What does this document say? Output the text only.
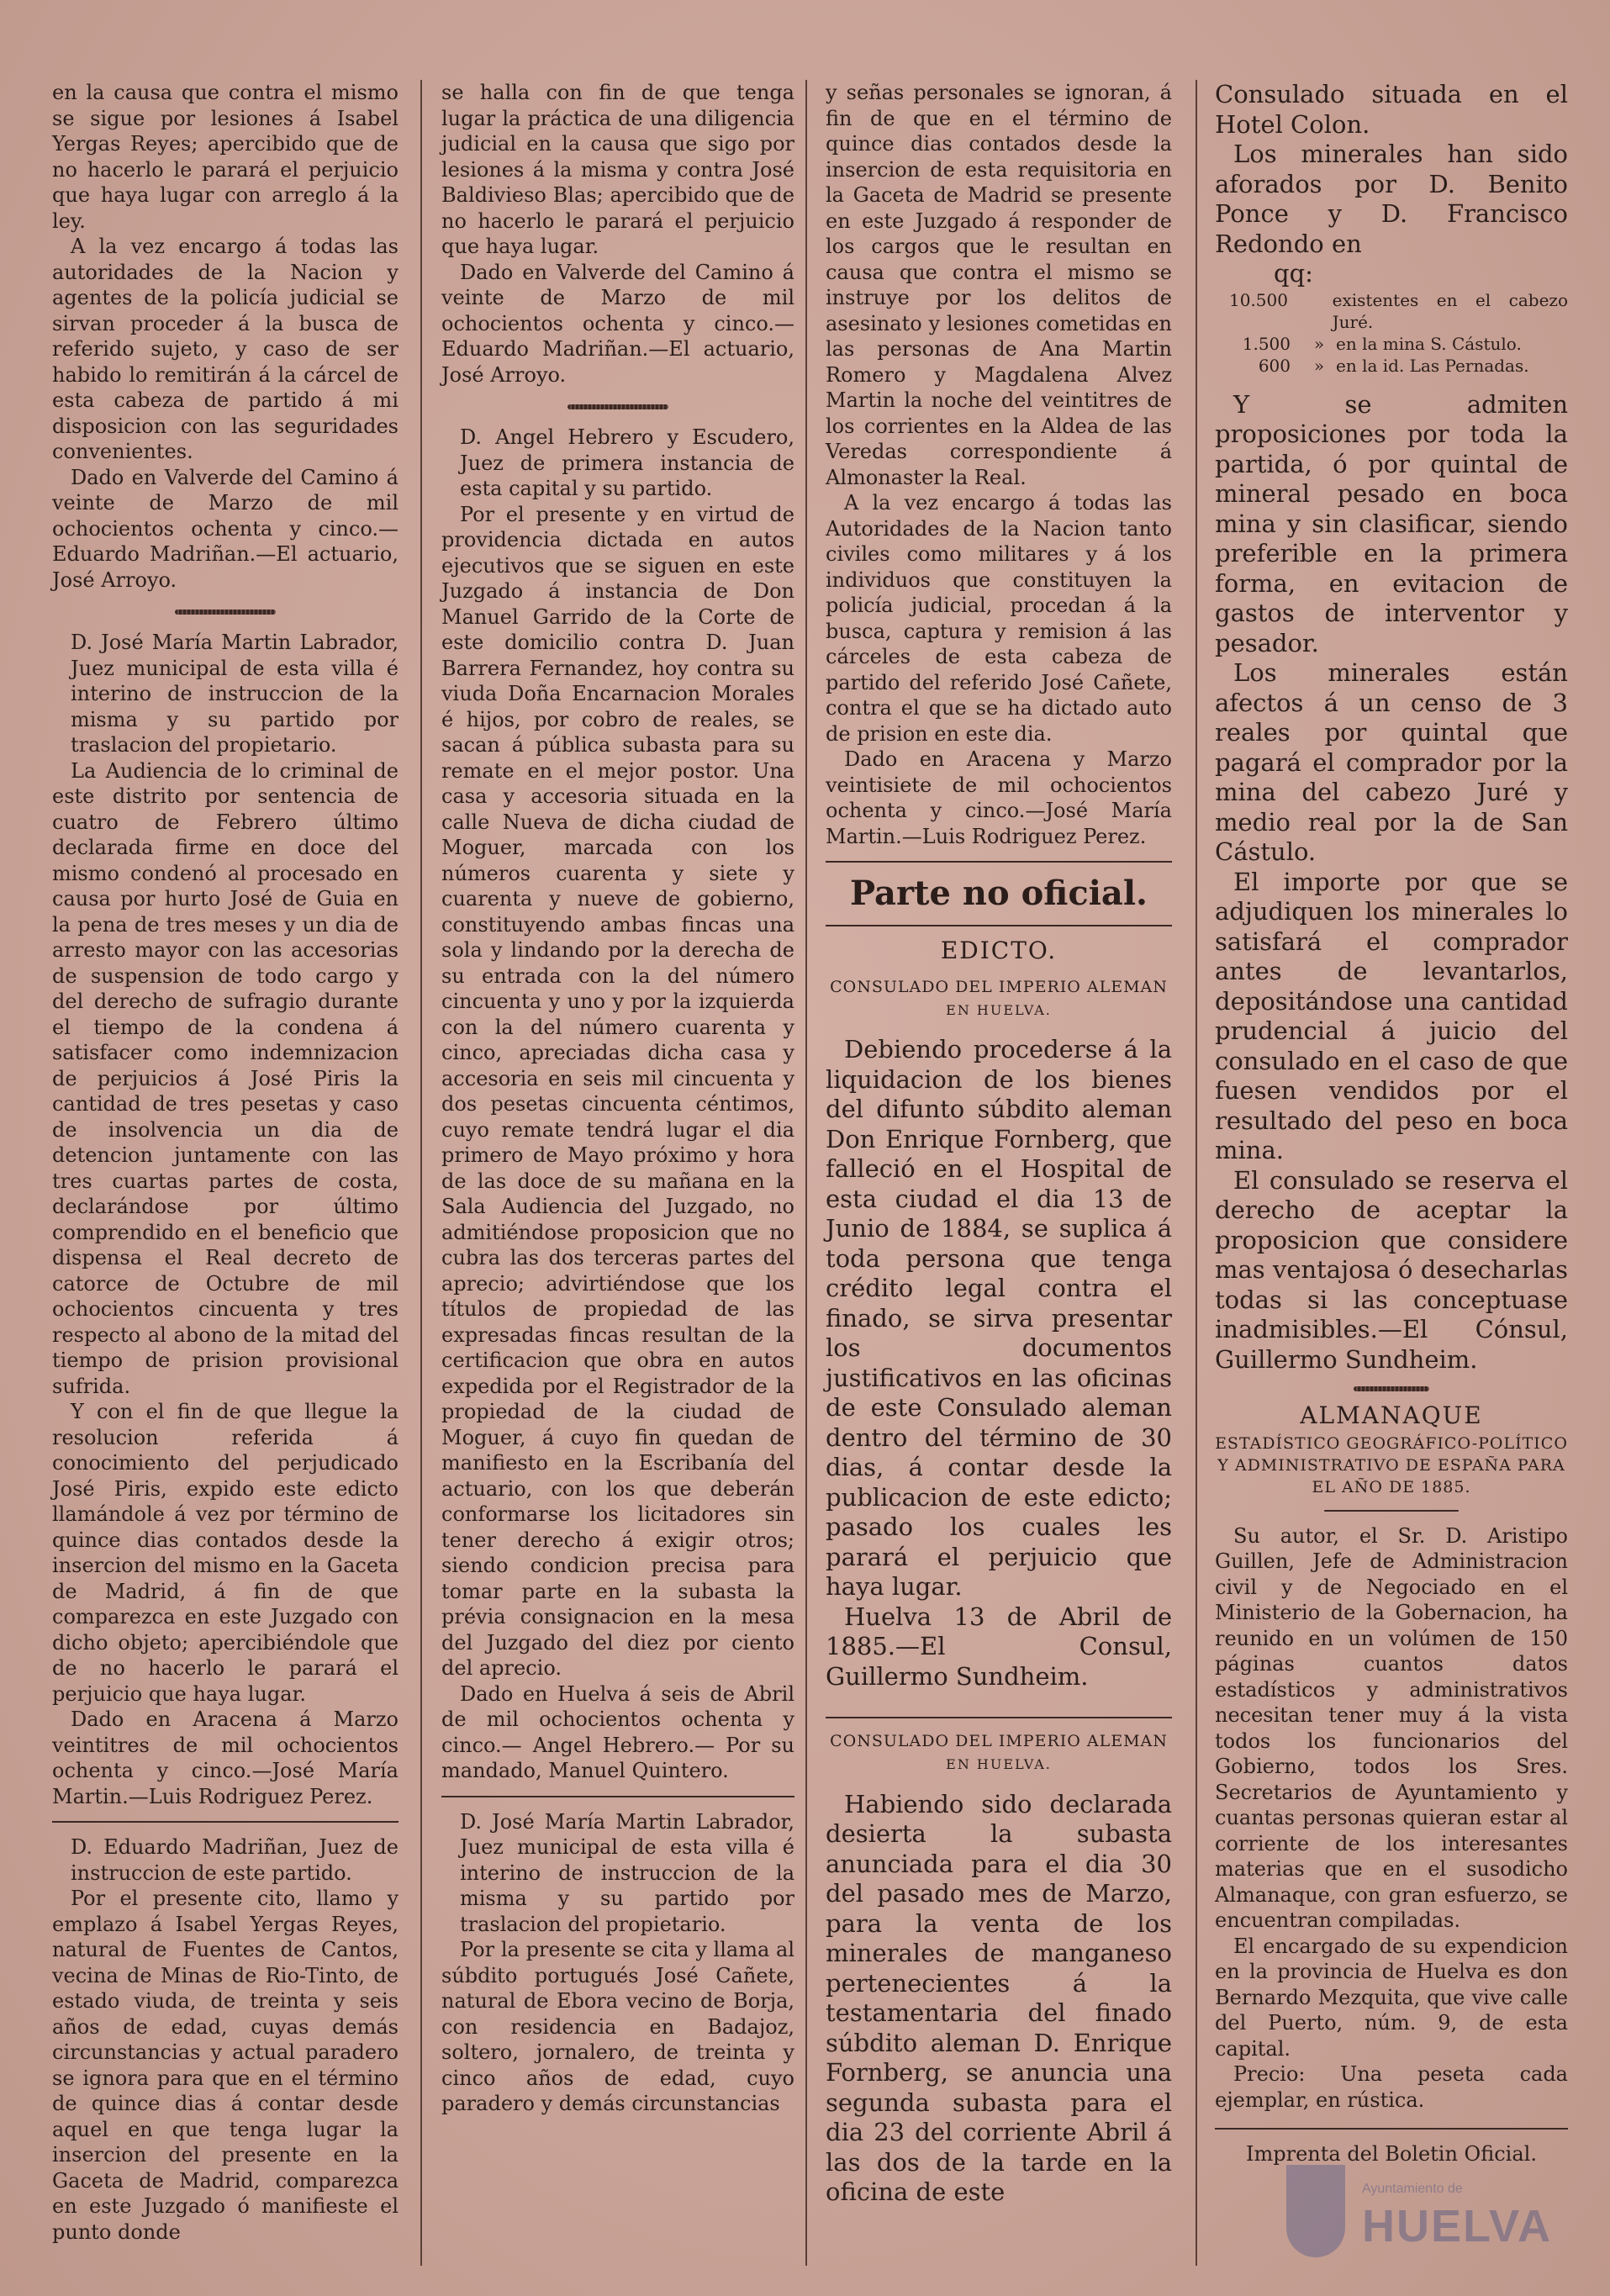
en la causa que contra el mismo se sigue por lesiones á Isabel Yergas Reyes; apercibido que de no hacerlo le parará el perjuicio que haya lugar con arreglo á la ley.

A la vez encargo á todas las autoridades de la Nacion y agentes de la policía judicial se sirvan proceder á la busca de referido sujeto, y caso de ser habido lo remitirán á la cárcel de esta cabeza de partido á mi disposicion con las seguridades convenientes.

Dado en Valverde del Camino á veinte de Marzo de mil ochocientos ochenta y cinco.—Eduardo Madriñan.—El actuario, José Arroyo.

D. José María Martin Labrador, Juez municipal de esta villa é interino de instruccion de la misma y su partido por traslacion del propietario.

La Audiencia de lo criminal de este distrito por sentencia de cuatro de Febrero último declarada firme en doce del mismo condenó al procesado en causa por hurto José de Guia en la pena de tres meses y un dia de arresto mayor con las accesorias de suspension de todo cargo y del derecho de sufragio durante el tiempo de la condena á satisfacer como indemnizacion de perjuicios á José Piris la cantidad de tres pesetas y caso de insolvencia un dia de detencion juntamente con las tres cuartas partes de costa, declarándose por último comprendido en el beneficio que dispensa el Real decreto de catorce de Octubre de mil ochocientos cincuenta y tres respecto al abono de la mitad del tiempo de prision provisional sufrida.

Y con el fin de que llegue la resolucion referida á conocimiento del perjudicado José Piris, expido este edicto llamándole á vez por término de quince dias contados desde la insercion del mismo en la Gaceta de Madrid, á fin de que comparezca en este Juzgado con dicho objeto; apercibiéndole que de no hacerlo le parará el perjuicio que haya lugar.

Dado en Aracena á Marzo veintitres de mil ochocientos ochenta y cinco.—José María Martin.—Luis Rodriguez Perez.

D. Eduardo Madriñan, Juez de instruccion de este partido.

Por el presente cito, llamo y emplazo á Isabel Yergas Reyes, natural de Fuentes de Cantos, vecina de Minas de Rio-Tinto, de estado viuda, de treinta y seis años de edad, cuyas demás circunstancias y actual paradero se ignora para que en el término de quince dias á contar desde aquel en que tenga lugar la insercion del presente en la Gaceta de Madrid, comparezca en este Juzgado ó manifieste el punto donde

se halla con fin de que tenga lugar la práctica de una diligencia judicial en la causa que sigo por lesiones á la misma y contra José Baldivieso Blas; apercibido que de no hacerlo le parará el perjuicio que haya lugar.

Dado en Valverde del Camino á veinte de Marzo de mil ochocientos ochenta y cinco.—Eduardo Madriñan.—El actuario, José Arroyo.

D. Angel Hebrero y Escudero, Juez de primera instancia de esta capital y su partido.

Por el presente y en virtud de providencia dictada en autos ejecutivos que se siguen en este Juzgado á instancia de Don Manuel Garrido de la Corte de este domicilio contra D. Juan Barrera Fernandez, hoy contra su viuda Doña Encarnacion Morales é hijos, por cobro de reales, se sacan á pública subasta para su remate en el mejor postor. Una casa y accesoria situada en la calle Nueva de dicha ciudad de Moguer, marcada con los números cuarenta y siete y cuarenta y nueve de gobierno, constituyendo ambas fincas una sola y lindando por la derecha de su entrada con la del número cincuenta y uno y por la izquierda con la del número cuarenta y cinco, apreciadas dicha casa y accesoria en seis mil cincuenta y dos pesetas cincuenta céntimos, cuyo remate tendrá lugar el dia primero de Mayo próximo y hora de las doce de su mañana en la Sala Audiencia del Juzgado, no admitiéndose proposicion que no cubra las dos terceras partes del aprecio; advirtiéndose que los títulos de propiedad de las expresadas fincas resultan de la certificacion que obra en autos expedida por el Registrador de la propiedad de la ciudad de Moguer, á cuyo fin quedan de manifiesto en la Escribanía del actuario, con los que deberán conformarse los licitadores sin tener derecho á exigir otros; siendo condicion precisa para tomar parte en la subasta la prévia consignacion en la mesa del Juzgado del diez por ciento del aprecio.

Dado en Huelva á seis de Abril de mil ochocientos ochenta y cinco.— Angel Hebrero.— Por su mandado, Manuel Quintero.

D. José María Martin Labrador, Juez municipal de esta villa é interino de instruccion de la misma y su partido por traslacion del propietario.

Por la presente se cita y llama al súbdito portugués José Cañete, natural de Ebora vecino de Borja, con residencia en Badajoz, soltero, jornalero, de treinta y cinco años de edad, cuyo paradero y demás circunstancias

y señas personales se ignoran, á fin de que en el término de quince dias contados desde la insercion de esta requisitoria en la Gaceta de Madrid se presente en este Juzgado á responder de los cargos que le resultan en causa que contra el mismo se instruye por los delitos de asesinato y lesiones cometidas en las personas de Ana Martin Romero y Magdalena Alvez Martin la noche del veintitres de los corrientes en la Aldea de las Veredas correspondiente á Almonaster la Real.

A la vez encargo á todas las Autoridades de la Nacion tanto civiles como militares y á los individuos que constituyen la policía judicial, procedan á la busca, captura y remision á las cárceles de esta cabeza de partido del referido José Cañete, contra el que se ha dictado auto de prision en este dia.

Dado en Aracena y Marzo veintisiete de mil ochocientos ochenta y cinco.—José María Martin.—Luis Rodriguez Perez.

Parte no oficial.
EDICTO.
CONSULADO DEL IMPERIO ALEMAN
EN HUELVA.

Debiendo procederse á la liquidacion de los bienes del difunto súbdito aleman Don Enrique Fornberg, que falleció en el Hospital de esta ciudad el dia 13 de Junio de 1884, se suplica á toda persona que tenga crédito legal contra el finado, se sirva presentar los documentos justificativos en las oficinas de este Consulado aleman dentro del término de 30 dias, á contar desde la publicacion de este edicto; pasado los cuales les parará el perjuicio que haya lugar.

Huelva 13 de Abril de 1885.—El Consul, Guillermo Sundheim.

CONSULADO DEL IMPERIO ALEMAN
EN HUELVA.

Habiendo sido declarada desierta la subasta anunciada para el dia 30 del pasado mes de Marzo, para la venta de los minerales de manganeso pertenecientes á la testamentaria del finado súbdito aleman D. Enrique Fornberg, se anuncia una segunda subasta para el dia 23 del corriente Abril á las dos de la tarde en la oficina de este

Consulado situada en el Hotel Colon.

Los minerales han sido aforados por D. Benito Ponce y D. Francisco Redondo en

qq:

10.500	existentes en el cabezo Juré.
1.500	» en la mina S. Cástulo.
600	» en la id. Las Pernadas.

Y se admiten proposiciones por toda la partida, ó por quintal de mineral pesado en boca mina y sin clasificar, siendo preferible en la primera forma, en evitacion de gastos de interventor y pesador.

Los minerales están afectos á un censo de 3 reales por quintal que pagará el comprador por la mina del cabezo Juré y medio real por la de San Cástulo.

El importe por que se adjudiquen los minerales lo satisfará el comprador antes de levantarlos, depositándose una cantidad prudencial á juicio del consulado en el caso de que fuesen vendidos por el resultado del peso en boca mina.

El consulado se reserva el derecho de aceptar la proposicion que considere mas ventajosa ó desecharlas todas si las conceptuase inadmisibles.—El Cónsul, Guillermo Sundheim.

ALMANAQUE
ESTADÍSTICO GEOGRÁFICO-POLÍTICO Y ADMINISTRATIVO DE ESPAÑA PARA EL AÑO DE 1885.

Su autor, el Sr. D. Aristipo Guillen, Jefe de Administracion civil y de Negociado en el Ministerio de la Gobernacion, ha reunido en un volúmen de 150 páginas cuantos datos estadísticos y administrativos necesitan tener muy á la vista todos los funcionarios del Gobierno, todos los Sres. Secretarios de Ayuntamiento y cuantas personas quieran estar al corriente de los interesantes materias que en el susodicho Almanaque, con gran esfuerzo, se encuentran compiladas.

El encargado de su expendicion en la provincia de Huelva es don Bernardo Mezquita, que vive calle del Puerto, núm. 9, de esta capital.

Precio: Una peseta cada ejemplar, en rústica.

Imprenta del Boletin Oficial.
Ayuntamiento de
HUELVA
